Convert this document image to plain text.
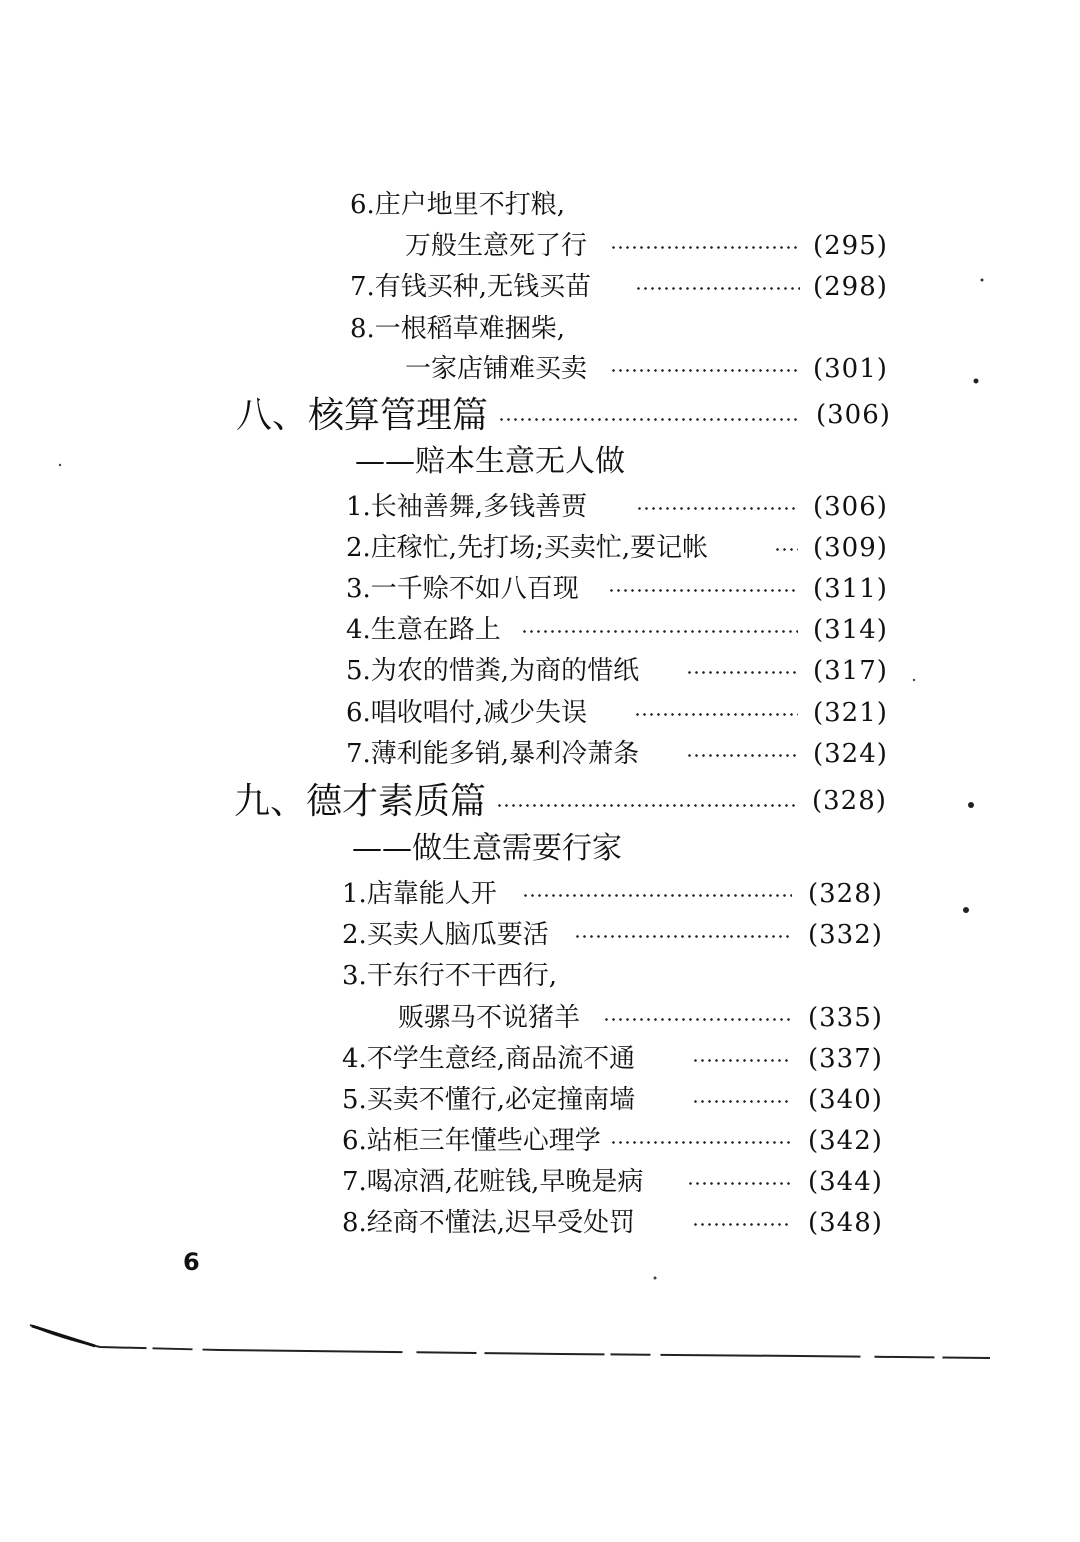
6.庄户地里不打粮,
万般生意死了行	(295)
7.有钱买种,无钱买苗	(298)
8.一根稻草难捆柴,
一家店铺难买卖	(301)
八、核算管理篇	(306)
——赔本生意无人做
1.长袖善舞,多钱善贾	(306)
2.庄稼忙,先打场;买卖忙,要记帐	(309)
3.一千赊不如八百现	(311)
4.生意在路上	(314)
5.为农的惜粪,为商的惜纸	(317)
6.唱收唱付,减少失误	(321)
7.薄利能多销,暴利冷萧条	(324)
九、德才素质篇	(328)
——做生意需要行家
1.店靠能人开	(328)
2.买卖人脑瓜要活	(332)
3.干东行不干西行,
贩骡马不说猪羊	(335)
4.不学生意经,商品流不通	(337)
5.买卖不懂行,必定撞南墙	(340)
6.站柜三年懂些心理学	(342)
7.喝凉酒,花赃钱,早晚是病	(344)
8.经商不懂法,迟早受处罚	(348)
6
